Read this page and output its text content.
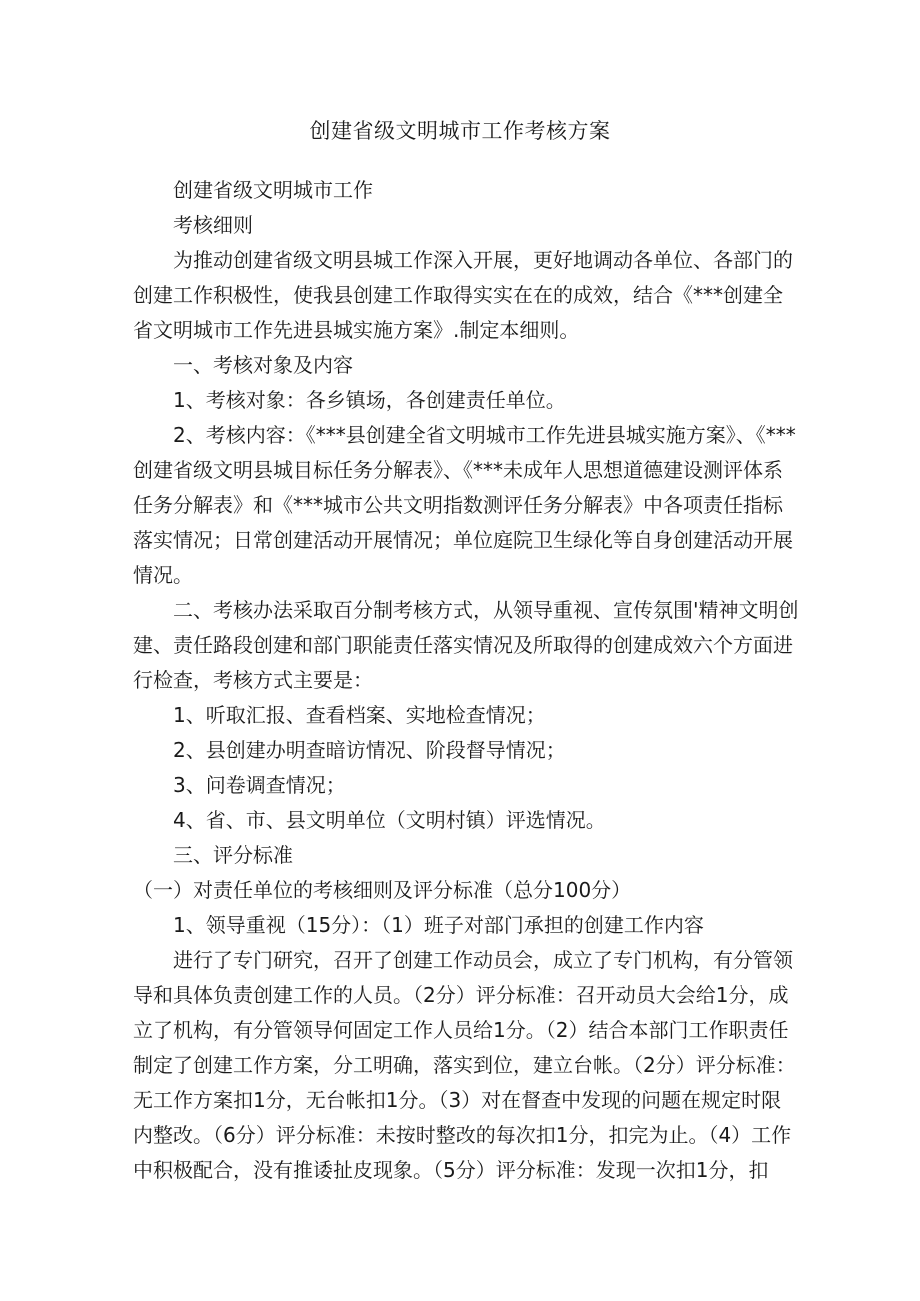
创建省级文明城市工作考核方案

创建省级文明城市工作

考核细则

为推动创建省级文明县城工作深入开展，更好地调动各单位、各部门的创建工作积极性，使我县创建工作取得实实在在的成效，结合《***创建全省文明城市工作先进县城实施方案》.制定本细则。

一、考核对象及内容

1、考核对象：各乡镇场，各创建责任单位。

2、考核内容：《***县创建全省文明城市工作先进县城实施方案》、《***创建省级文明县城目标任务分解表》、《***未成年人思想道德建设测评体系任务分解表》和《***城市公共文明指数测评任务分解表》中各项责任指标落实情况；日常创建活动开展情况；单位庭院卫生绿化等自身创建活动开展情况。

二、考核办法采取百分制考核方式，从领导重视、宣传氛围'精神文明创建、责任路段创建和部门职能责任落实情况及所取得的创建成效六个方面进行检查，考核方式主要是：

1、听取汇报、查看档案、实地检查情况；

2、县创建办明查暗访情况、阶段督导情况；

3、问卷调查情况；

4、省、市、县文明单位（文明村镇）评选情况。

三、评分标准

（一）对责任单位的考核细则及评分标准（总分100分）

1、领导重视（15分）：（1）班子对部门承担的创建工作内容

进行了专门研究，召开了创建工作动员会，成立了专门机构，有分管领导和具体负责创建工作的人员。（2分）评分标准：召开动员大会给1分，成立了机构，有分管领导何固定工作人员给1分。（2）结合本部门工作职责任制定了创建工作方案，分工明确，落实到位，建立台帐。（2分）评分标准：无工作方案扣1分，无台帐扣1分。（3）对在督查中发现的问题在规定时限内整改。（6分）评分标准：未按时整改的每次扣1分，扣完为止。（4）工作中积极配合，没有推诿扯皮现象。（5分）评分标准：发现一次扣1分，扣
